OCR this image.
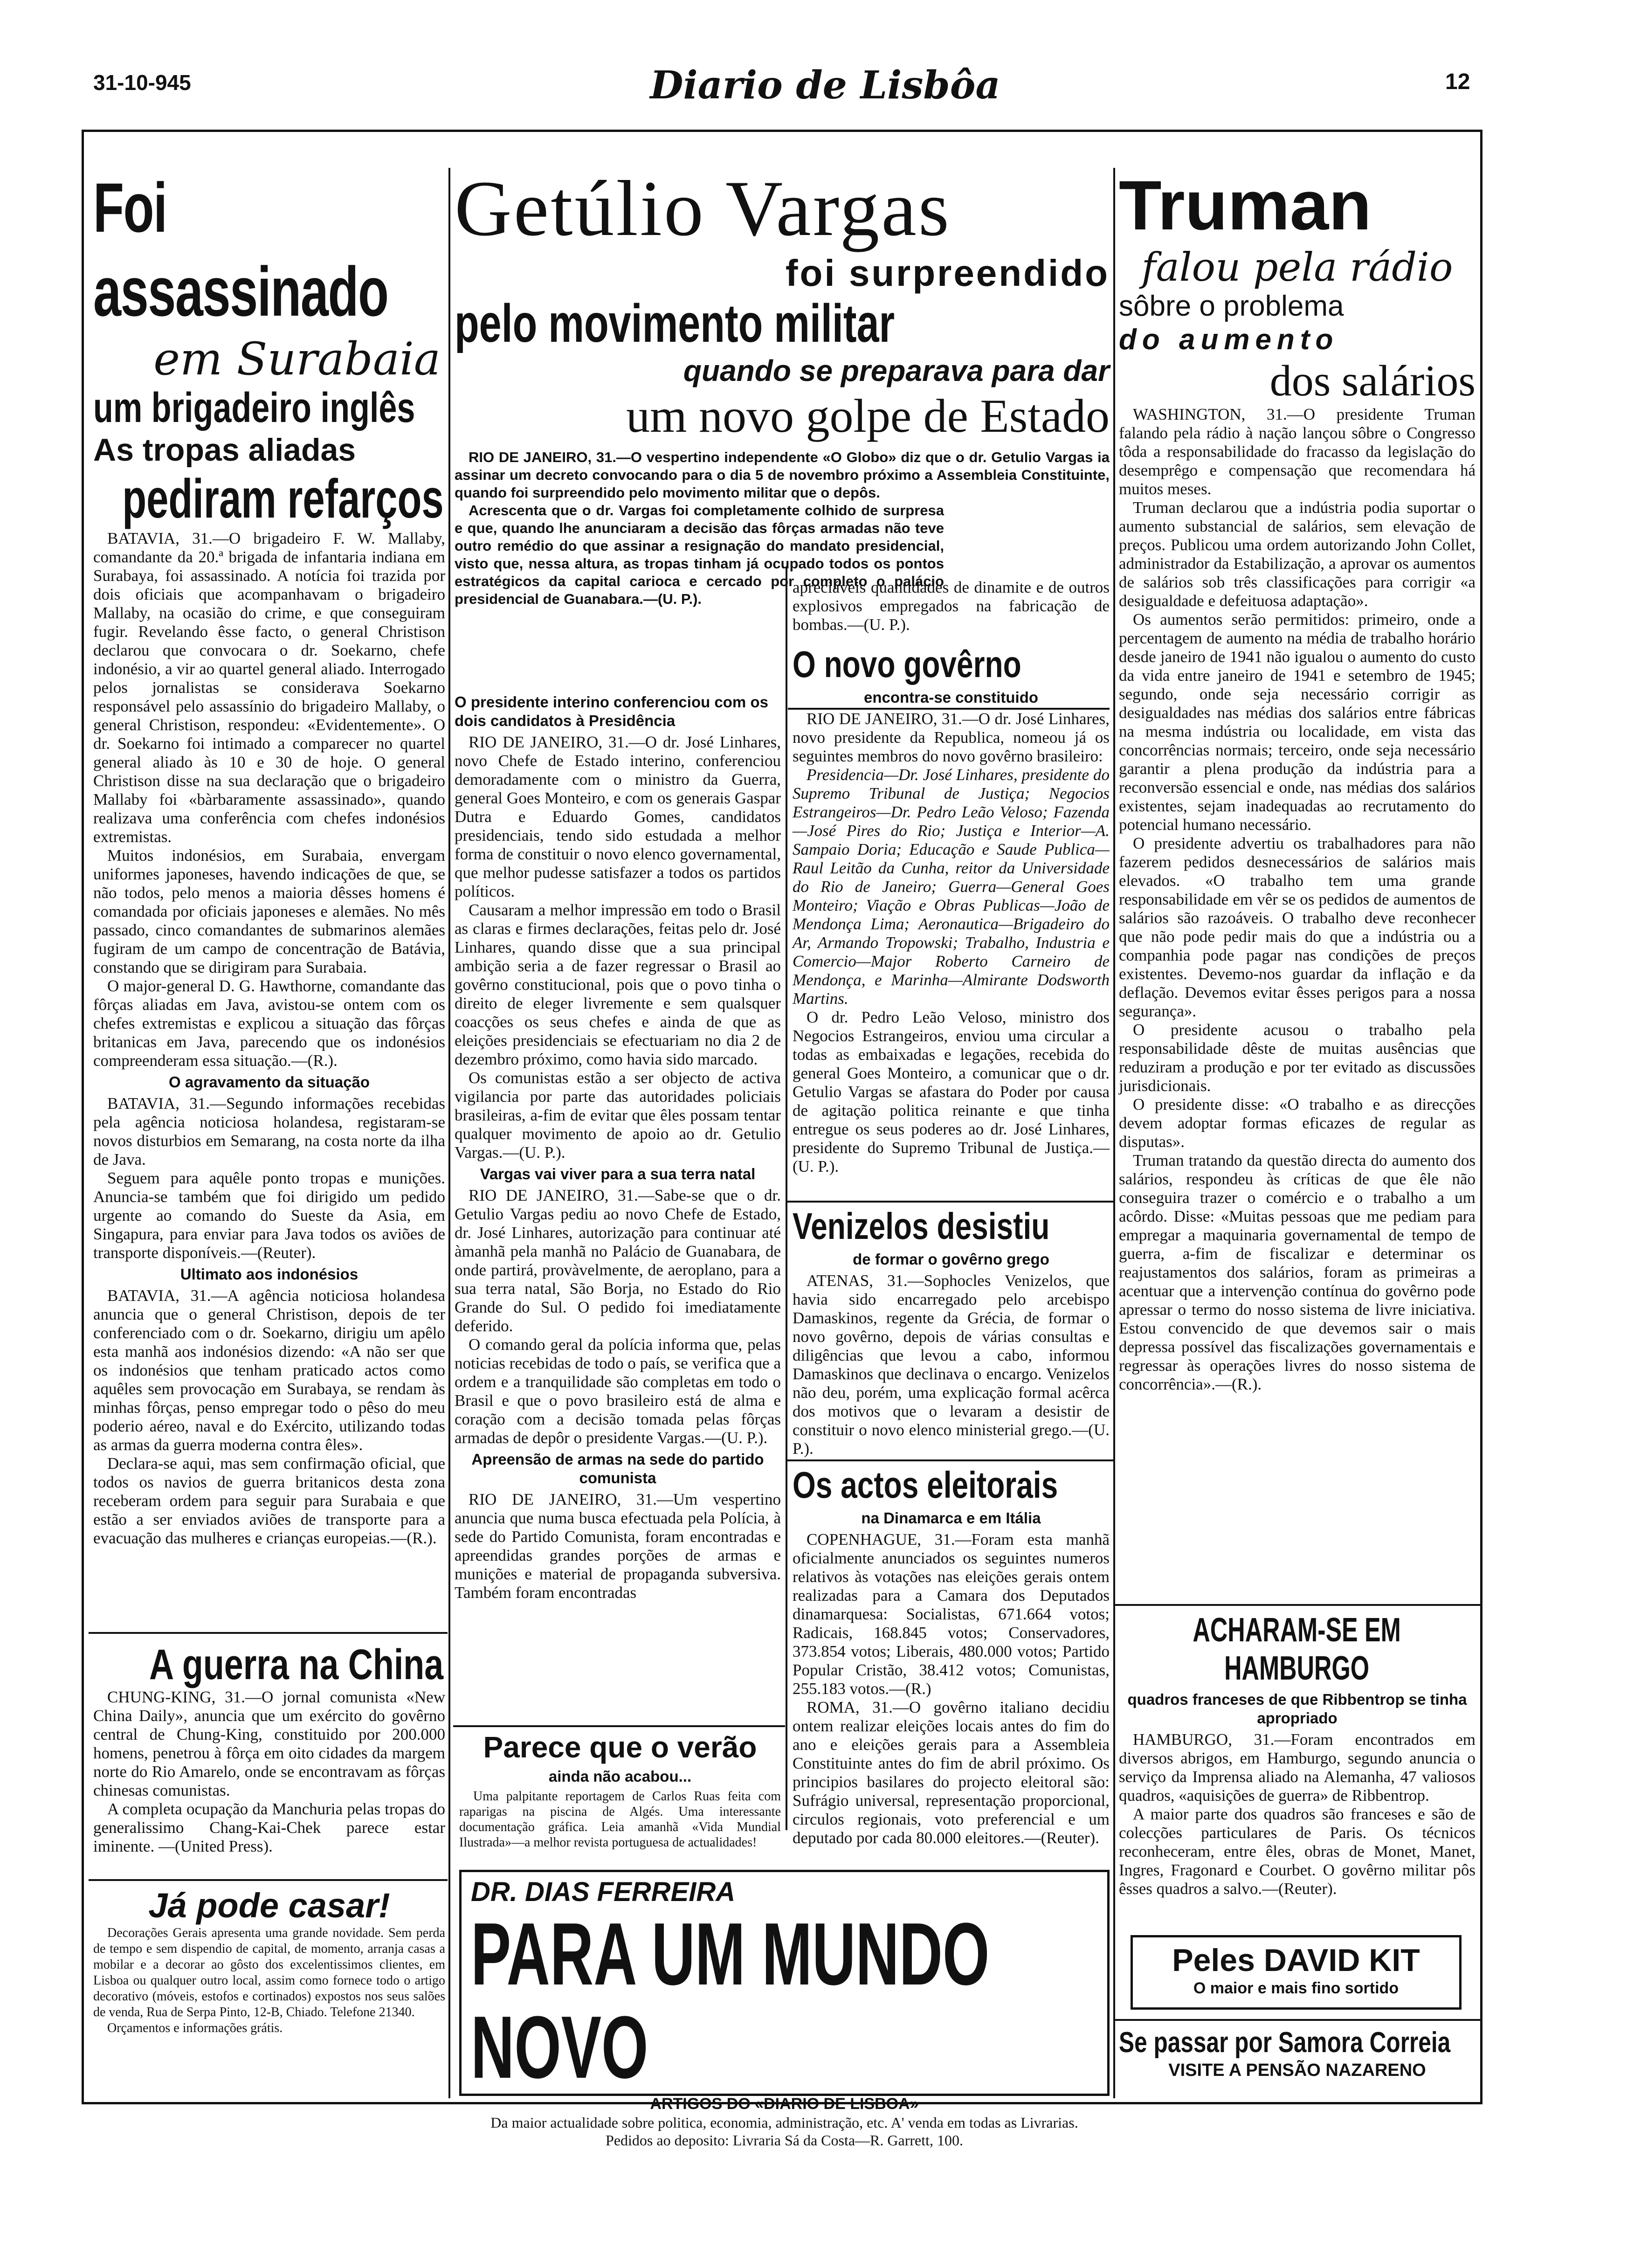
31-10-945	Diario de Lisbôa	12
Foi assassinado
em Surabaia
um brigadeiro inglês
As tropas aliadas
pediram refarços

BATAVIA, 31.—O brigadeiro F. W. Mallaby, comandante da 20.ª brigada de infantaria indiana em Surabaya, foi assassinado. A notícia foi trazida por dois oficiais que acompanhavam o brigadeiro Mallaby, na ocasião do crime, e que conseguiram fugir. Revelando êsse facto, o general Christison declarou que convocara o dr. Soekarno, chefe indonésio, a vir ao quartel general aliado. Interrogado pelos jornalistas se considerava Soekarno responsável pelo assassínio do brigadeiro Mallaby, o general Christison, respondeu: «Evidentemente». O dr. Soekarno foi intimado a comparecer no quartel general aliado às 10 e 30 de hoje. O general Christison disse na sua declaração que o brigadeiro Mallaby foi «bàrbaramente assassinado», quando realizava uma conferência com chefes indonésios extremistas.

Muitos indonésios, em Surabaia, envergam uniformes japoneses, havendo indicações de que, se não todos, pelo menos a maioria dêsses homens é comandada por oficiais japoneses e alemães. No mês passado, cinco comandantes de submarinos alemães fugiram de um campo de concentração de Batávia, constando que se dirigiram para Surabaia.

O major-general D. G. Hawthorne, comandante das fôrças aliadas em Java, avistou-se ontem com os chefes extremistas e explicou a situação das fôrças britanicas em Java, parecendo que os indonésios compreenderam essa situação.—(R.).

O agravamento da situação

BATAVIA, 31.—Segundo informações recebidas pela agência noticiosa holandesa, registaram-se novos disturbios em Semarang, na costa norte da ilha de Java.

Seguem para aquêle ponto tropas e munições. Anuncia-se também que foi dirigido um pedido urgente ao comando do Sueste da Asia, em Singapura, para enviar para Java todos os aviões de transporte disponíveis.—(Reuter).

Ultimato aos indonésios

BATAVIA, 31.—A agência noticiosa holandesa anuncia que o general Christison, depois de ter conferenciado com o dr. Soekarno, dirigiu um apêlo esta manhã aos indonésios dizendo: «A não ser que os indonésios que tenham praticado actos como aquêles sem provocação em Surabaya, se rendam às minhas fôrças, penso empregar todo o pêso do meu poderio aéreo, naval e do Exército, utilizando todas as armas da guerra moderna contra êles».

Declara-se aqui, mas sem confirmação oficial, que todos os navios de guerra britanicos desta zona receberam ordem para seguir para Surabaia e que estão a ser enviados aviões de transporte para a evacuação das mulheres e crianças europeias.—(R.).

A guerra na China

CHUNG-KING, 31.—O jornal comunista «New China Daily», anuncia que um exército do govêrno central de Chung-King, constituido por 200.000 homens, penetrou à fôrça em oito cidades da margem norte do Rio Amarelo, onde se encontravam as fôrças chinesas comunistas.

A completa ocupação da Manchuria pelas tropas do generalissimo Chang-Kai-Chek parece estar iminente. —(United Press).

Já pode casar!

Decorações Gerais apresenta uma grande novidade. Sem perda de tempo e sem dispendio de capital, de momento, arranja casas a mobilar e a decorar ao gôsto dos excelentissimos clientes, em Lisboa ou qualquer outro local, assim como fornece todo o artigo decorativo (móveis, estofos e cortinados) expostos nos seus salões de venda, Rua de Serpa Pinto, 12-B, Chiado. Telefone 21340.

Orçamentos e informações grátis.

Getúlio Vargas
foi surpreendido
pelo movimento militar
quando se preparava para dar
um novo golpe de Estado

RIO DE JANEIRO, 31.—O vespertino independente «O Globo» diz que o dr. Getulio Vargas ia assinar um decreto convocando para o dia 5 de novembro próximo a Assembleia Constituinte, quando foi surpreendido pelo movimento militar que o depôs.

Acrescenta que o dr. Vargas foi completamente colhido de surpresa e que, quando lhe anunciaram a decisão das fôrças armadas não teve outro remédio do que assinar a resignação do mandato presidencial, visto que, nessa altura, as tropas tinham já ocupado todos os pontos estratégicos da capital carioca e cercado por completo o palácio presidencial de Guanabara.—(U. P.).

O presidente interino conferenciou com os dois candidatos à Presidência

RIO DE JANEIRO, 31.—O dr. José Linhares, novo Chefe de Estado interino, conferenciou demoradamente com o ministro da Guerra, general Goes Monteiro, e com os generais Gaspar Dutra e Eduardo Gomes, candidatos presidenciais, tendo sido estudada a melhor forma de constituir o novo elenco governamental, que melhor pudesse satisfazer a todos os partidos políticos.

Causaram a melhor impressão em todo o Brasil as claras e firmes declarações, feitas pelo dr. José Linhares, quando disse que a sua principal ambição seria a de fazer regressar o Brasil ao govêrno constitucional, pois que o povo tinha o direito de eleger livremente e sem qualsquer coacções os seus chefes e ainda de que as eleições presidenciais se efectuariam no dia 2 de dezembro próximo, como havia sido marcado.

Os comunistas estão a ser objecto de activa vigilancia por parte das autoridades policiais brasileiras, a-fim de evitar que êles possam tentar qualquer movimento de apoio ao dr. Getulio Vargas.—(U. P.).

Vargas vai viver para a sua terra natal

RIO DE JANEIRO, 31.—Sabe-se que o dr. Getulio Vargas pediu ao novo Chefe de Estado, dr. José Linhares, autorização para continuar até àmanhã pela manhã no Palácio de Guanabara, de onde partirá, provàvelmente, de aeroplano, para a sua terra natal, São Borja, no Estado do Rio Grande do Sul. O pedido foi imediatamente deferido.

O comando geral da polícia informa que, pelas noticias recebidas de todo o país, se verifica que a ordem e a tranquilidade são completas em todo o Brasil e que o povo brasileiro está de alma e coração com a decisão tomada pelas fôrças armadas de depôr o presidente Vargas.—(U. P.).

Apreensão de armas na sede do partido comunista

RIO DE JANEIRO, 31.—Um vespertino anuncia que numa busca efectuada pela Polícia, à sede do Partido Comunista, foram encontradas e apreendidas grandes porções de armas e munições e material de propaganda subversiva. Também foram encontradas

Parece que o verão
ainda não acabou...

Uma palpitante reportagem de Carlos Ruas feita com raparigas na piscina de Algés. Uma interessante documentação gráfica. Leia amanhã «Vida Mundial Ilustrada»—a melhor revista portuguesa de actualidades!

apreciáveis quantidades de dinamite e de outros explosivos empregados na fabricação de bombas.—(U. P.).

O novo govêrno
encontra-se constituido

RIO DE JANEIRO, 31.—O dr. José Linhares, novo presidente da Republica, nomeou já os seguintes membros do novo govêrno brasileiro:

Presidencia—Dr. José Linhares, presidente do Supremo Tribunal de Justiça; Negocios Estrangeiros—Dr. Pedro Leão Veloso; Fazenda—José Pires do Rio; Justiça e Interior—A. Sampaio Doria; Educação e Saude Publica—Raul Leitão da Cunha, reitor da Universidade do Rio de Janeiro; Guerra—General Goes Monteiro; Viação e Obras Publicas—João de Mendonça Lima; Aeronautica—Brigadeiro do Ar, Armando Tropowski; Trabalho, Industria e Comercio—Major Roberto Carneiro de Mendonça, e Marinha—Almirante Dodsworth Martins.

O dr. Pedro Leão Veloso, ministro dos Negocios Estrangeiros, enviou uma circular a todas as embaixadas e legações, recebida do general Goes Monteiro, a comunicar que o dr. Getulio Vargas se afastara do Poder por causa de agitação politica reinante e que tinha entregue os seus poderes ao dr. José Linhares, presidente do Supremo Tribunal de Justiça.—(U. P.).

Venizelos desistiu
de formar o govêrno grego

ATENAS, 31.—Sophocles Venizelos, que havia sido encarregado pelo arcebispo Damaskinos, regente da Grécia, de formar o novo govêrno, depois de várias consultas e diligências que levou a cabo, informou Damaskinos que declinava o encargo. Venizelos não deu, porém, uma explicação formal acêrca dos motivos que o levaram a desistir de constituir o novo elenco ministerial grego.—(U. P.).

Os actos eleitorais
na Dinamarca e em Itália

COPENHAGUE, 31.—Foram esta manhã oficialmente anunciados os seguintes numeros relativos às votações nas eleições gerais ontem realizadas para a Camara dos Deputados dinamarquesa: Socialistas, 671.664 votos; Radicais, 168.845 votos; Conservadores, 373.854 votos; Liberais, 480.000 votos; Partido Popular Cristão, 38.412 votos; Comunistas, 255.183 votos.—(R.)

ROMA, 31.—O govêrno italiano decidiu ontem realizar eleições locais antes do fim do ano e eleições gerais para a Assembleia Constituinte antes do fim de abril próximo. Os principios basilares do projecto eleitoral são: Sufrágio universal, representação proporcional, circulos regionais, voto preferencial e um deputado por cada 80.000 eleitores.—(Reuter).

DR. DIAS FERREIRA
PARA UM MUNDO NOVO
ARTIGOS DO «DIARIO DE LISBOA»

Da maior actualidade sobre politica, economia, administração, etc. A' venda em todas as Livrarias. Pedidos ao deposito: Livraria Sá da Costa—R. Garrett, 100.

Truman
falou pela rádio
sôbre o problema
do aumento
dos salários

WASHINGTON, 31.—O presidente Truman falando pela rádio à nação lançou sôbre o Congresso tôda a responsabilidade do fracasso da legislação do desemprêgo e compensação que recomendara há muitos meses.

Truman declarou que a indústria podia suportar o aumento substancial de salários, sem elevação de preços. Publicou uma ordem autorizando John Collet, administrador da Estabilização, a aprovar os aumentos de salários sob três classificações para corrigir «a desigualdade e defeituosa adaptação».

Os aumentos serão permitidos: primeiro, onde a percentagem de aumento na média de trabalho horário desde janeiro de 1941 não igualou o aumento do custo da vida entre janeiro de 1941 e setembro de 1945; segundo, onde seja necessário corrigir as desigualdades nas médias dos salários entre fábricas na mesma indústria ou localidade, em vista das concorrências normais; terceiro, onde seja necessário garantir a plena produção da indústria para a reconversão essencial e onde, nas médias dos salários existentes, sejam inadequadas ao recrutamento do potencial humano necessário.

O presidente advertiu os trabalhadores para não fazerem pedidos desnecessários de salários mais elevados. «O trabalho tem uma grande responsabilidade em vêr se os pedidos de aumentos de salários são razoáveis. O trabalho deve reconhecer que não pode pedir mais do que a indústria ou a companhia pode pagar nas condições de preços existentes. Devemo-nos guardar da inflação e da deflação. Devemos evitar êsses perigos para a nossa segurança».

O presidente acusou o trabalho pela responsabilidade dêste de muitas ausências que reduziram a produção e por ter evitado as discussões jurisdicionais.

O presidente disse: «O trabalho e as direcções devem adoptar formas eficazes de regular as disputas».

Truman tratando da questão directa do aumento dos salários, respondeu às críticas de que êle não conseguira trazer o comércio e o trabalho a um acôrdo. Disse: «Muitas pessoas que me pediam para empregar a maquinaria governamental de tempo de guerra, a-fim de fiscalizar e determinar os reajustamentos dos salários, foram as primeiras a acentuar que a intervenção contínua do govêrno pode apressar o termo do nosso sistema de livre iniciativa. Estou convencido de que devemos sair o mais depressa possível das fiscalizações governamentais e regressar às operações livres do nosso sistema de concorrência».—(R.).

ACHARAM-SE EM HAMBURGO
quadros franceses de que Ribbentrop se tinha apropriado

HAMBURGO, 31.—Foram encontrados em diversos abrigos, em Hamburgo, segundo anuncia o serviço da Imprensa aliado na Alemanha, 47 valiosos quadros, «aquisições de guerra» de Ribbentrop.

A maior parte dos quadros são franceses e são de colecções particulares de Paris. Os técnicos reconheceram, entre êles, obras de Monet, Manet, Ingres, Fragonard e Courbet. O govêrno militar pôs êsses quadros a salvo.—(Reuter).

Peles DAVID KIT
O maior e mais fino sortido
Se passar por Samora Correia
VISITE A PENSÃO NAZARENO
